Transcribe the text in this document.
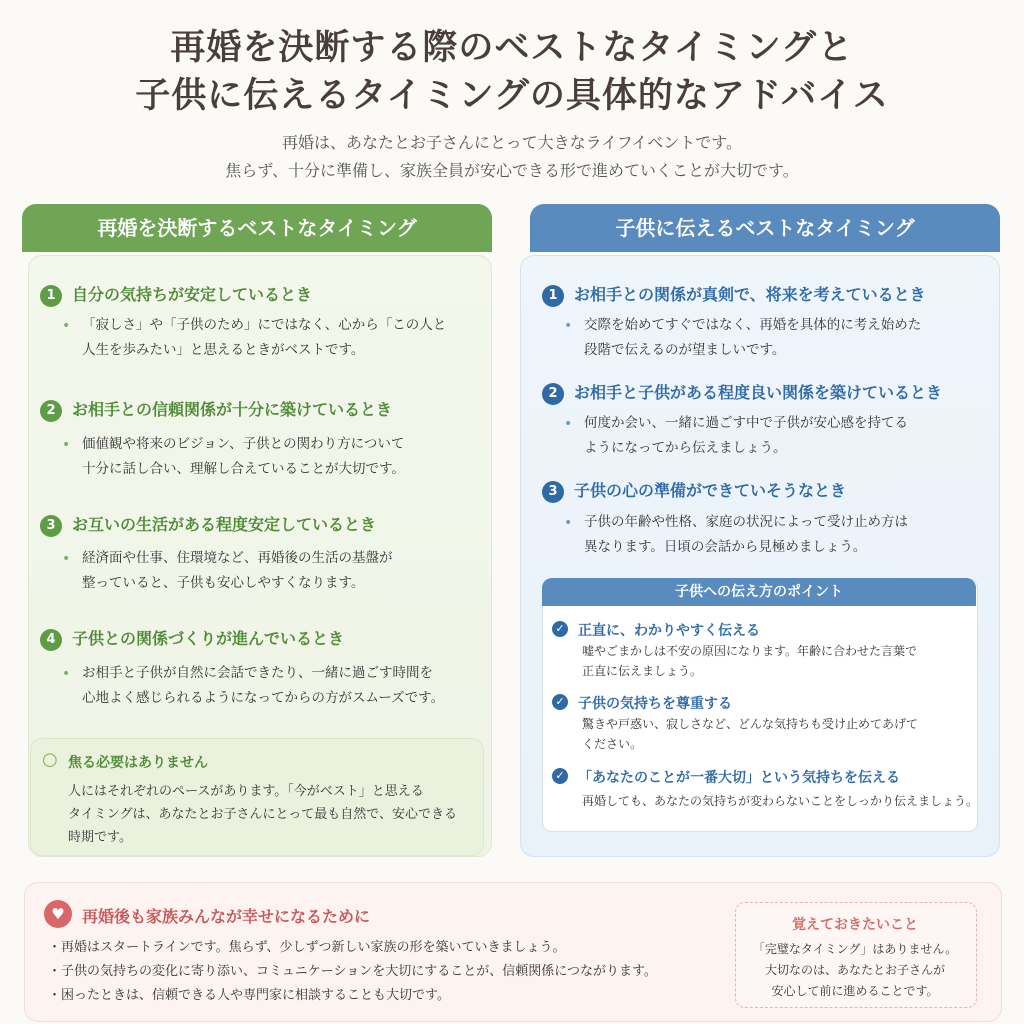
再婚を決断する際のベストなタイミングと
子供に伝えるタイミングの具体的なアドバイス
再婚は、あなたとお子さんにとって大きなライフイベントです。
焦らず、十分に準備し、家族全員が安心できる形で進めていくことが大切です。
再婚を決断するベストなタイミング
1 自分の気持ちが安定しているとき
• 「寂しさ」や「子供のため」にではなく、心から「この人と
人生を歩みたい」と思えるときがベストです。
2 お相手との信頼関係が十分に築けているとき
• 価値観や将来のビジョン、子供との関わり方について
十分に話し合い、理解し合えていることが大切です。
3 お互いの生活がある程度安定しているとき
• 経済面や仕事、住環境など、再婚後の生活の基盤が
整っていると、子供も安心しやすくなります。
4 子供との関係づくりが進んでいるとき
• お相手と子供が自然に会話できたり、一緒に過ごす時間を
心地よく感じられるようになってからの方がスムーズです。
○ 焦る必要はありません
人にはそれぞれのペースがあります。「今がベスト」と思える
タイミングは、あなたとお子さんにとって最も自然で、安心できる
時期です。
子供に伝えるベストなタイミング
1 お相手との関係が真剣で、将来を考えているとき
• 交際を始めてすぐではなく、再婚を具体的に考え始めた
段階で伝えるのが望ましいです。
2 お相手と子供がある程度良い関係を築けているとき
• 何度か会い、一緒に過ごす中で子供が安心感を持てる
ようになってから伝えましょう。
3 子供の心の準備ができていそうなとき
• 子供の年齢や性格、家庭の状況によって受け止め方は
異なります。日頃の会話から見極めましょう。
子供への伝え方のポイント
✓ 正直に、わかりやすく伝える
嘘やごまかしは不安の原因になります。年齢に合わせた言葉で
正直に伝えましょう。
✓ 子供の気持ちを尊重する
驚きや戸惑い、寂しさなど、どんな気持ちも受け止めてあげて
ください。
✓ 「あなたのことが一番大切」という気持ちを伝える
再婚しても、あなたの気持ちが変わらないことをしっかり伝えましょう。
♥	再婚後も家族みんなが幸せになるために
・再婚はスタートラインです。焦らず、少しずつ新しい家族の形を築いていきましょう。
・子供の気持ちの変化に寄り添い、コミュニケーションを大切にすることが、信頼関係につながります。
・困ったときは、信頼できる人や専門家に相談することも大切です。
覚えておきたいこと
「完璧なタイミング」はありません。
大切なのは、あなたとお子さんが
安心して前に進めることです。
